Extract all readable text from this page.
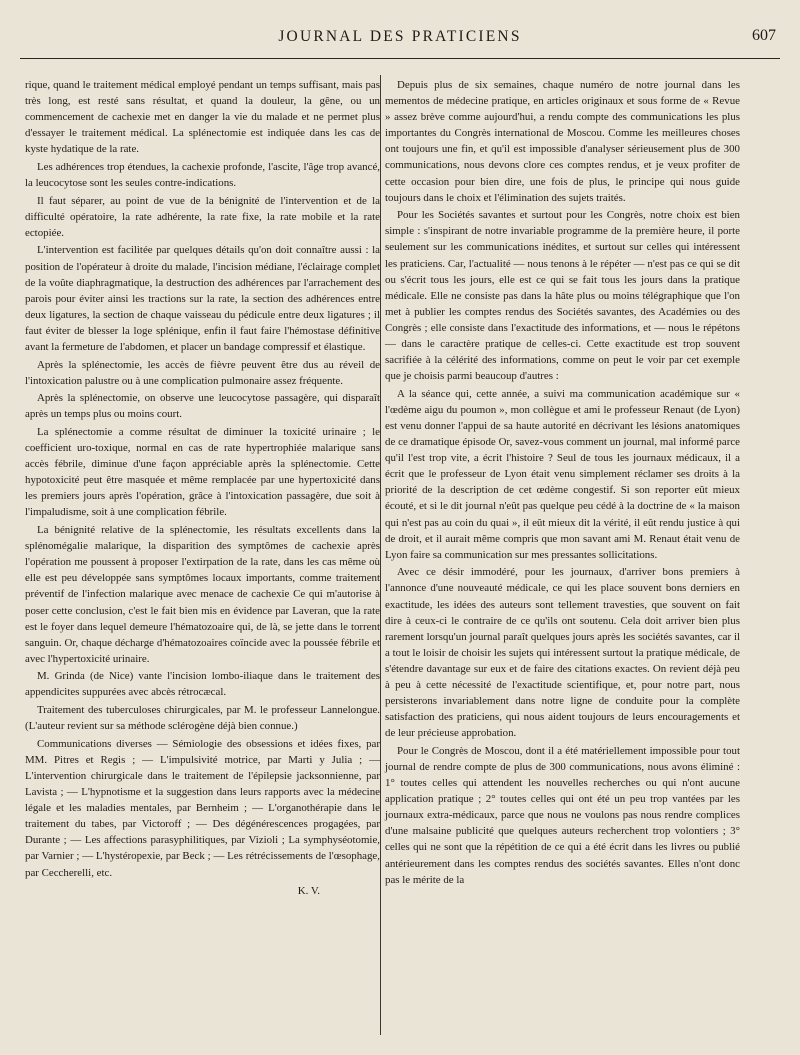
JOURNAL DES PRATICIENS	607

rique, quand le traitement médical employé pendant un temps suffisant, mais pas très long, est resté sans résultat, et quand la douleur, la gêne, ou un commencement de cachexie met en danger la vie du malade et ne permet plus d'essayer le traitement médical. La splénectomie est indiquée dans les cas de kyste hydatique de la rate.

Les adhérences trop étendues, la cachexie profonde, l'ascite, l'âge trop avancé, la leucocytose sont les seules contre-indications.

Il faut séparer, au point de vue de la bénignité de l'intervention et de la difficulté opératoire, la rate adhérente, la rate fixe, la rate mobile et la rate ectopiée.

L'intervention est facilitée par quelques détails qu'on doit connaître aussi : la position de l'opérateur à droite du malade, l'incision médiane, l'éclairage complet de la voûte diaphragmatique, la destruction des adhérences par l'arrachement des parois pour éviter ainsi les tractions sur la rate, la section des adhérences entre deux ligatures, la section de chaque vaisseau du pédicule entre deux ligatures ; il faut éviter de blesser la loge splénique, enfin il faut faire l'hémostase définitive avant la fermeture de l'abdomen, et placer un bandage compressif et élastique.

Après la splénectomie, les accès de fièvre peuvent être dus au réveil de l'intoxication palustre ou à une complication pulmonaire assez fréquente.

Après la splénectomie, on observe une leucocytose passagère, qui disparaît après un temps plus ou moins court.

La splénectomie a comme résultat de diminuer la toxicité urinaire ; le coefficient uro-toxique, normal en cas de rate hypertrophiée malarique sans accès fébrile, diminue d'une façon appréciable après la splénectomie. Cette hypotoxicité peut être masquée et même remplacée par une hypertoxicité dans les premiers jours après l'opération, grâce à l'intoxication passagère, due soit à l'impaludisme, soit à une complication fébrile.

La bénignité relative de la splénectomie, les résultats excellents dans la splénomégalie malarique, la disparition des symptômes de cachexie après l'opération me poussent à proposer l'extirpation de la rate, dans les cas même où elle est peu développée sans symptômes locaux importants, comme traitement préventif de l'infection malarique avec menace de cachexie Ce qui m'autorise à poser cette conclusion, c'est le fait bien mis en évidence par Laveran, que la rate est le foyer dans lequel demeure l'hématozoaire qui, de là, se jette dans le torrent sanguin. Or, chaque décharge d'hématozoaires coïncide avec la poussée fébrile et avec l'hypertoxicité urinaire.

M. Grinda (de Nice) vante l'incision lombo-iliaque dans le traitement des appendicites suppurées avec abcès rétrocæcal.

Traitement des tuberculoses chirurgicales, par M. le professeur Lannelongue. (L'auteur revient sur sa méthode sclérogène déjà bien connue.)

Communications diverses — Sémiologie des obsessions et idées fixes, par MM. Pitres et Regis ; — L'impulsivité motrice, par Marti y Julia ; — L'intervention chirurgicale dans le traitement de l'épilepsie jacksonnienne, par Lavista ; — L'hypnotisme et la suggestion dans leurs rapports avec la médecine légale et les maladies mentales, par Bernheim ; — L'organothérapie dans le traitement du tabes, par Victoroff ; — Des dégénérescences progagées, par Durante ; — Les affections parasyphilitiques, par Vizioli ; La symphyséotomie, par Varnier ; — L'hystéropexie, par Beck ; — Les rétrécissements de l'œsophage, par Ceccherelli, etc.

K. V.

Depuis plus de six semaines, chaque numéro de notre journal dans les mementos de médecine pratique, en articles originaux et sous forme de « Revue » assez brève comme aujourd'hui, a rendu compte des communications les plus importantes du Congrès international de Moscou. Comme les meilleures choses ont toujours une fin, et qu'il est impossible d'analyser sérieusement plus de 300 communications, nous devons clore ces comptes rendus, et je veux profiter de cette occasion pour bien dire, une fois de plus, le principe qui nous guide toujours dans le choix et l'élimination des sujets traités.

Pour les Sociétés savantes et surtout pour les Congrès, notre choix est bien simple : s'inspirant de notre invariable programme de la première heure, il porte seulement sur les communications inédites, et surtout sur celles qui intéressent les praticiens. Car, l'actualité — nous tenons à le répéter — n'est pas ce qui se dit ou s'écrit tous les jours, elle est ce qui se fait tous les jours dans la pratique médicale. Elle ne consiste pas dans la hâte plus ou moins télégraphique que l'on met à publier les comptes rendus des Sociétés savantes, des Académies ou des Congrès ; elle consiste dans l'exactitude des informations, et — nous le répétons — dans le caractère pratique de celles-ci. Cette exactitude est trop souvent sacrifiée à la célérité des informations, comme on peut le voir par cet exemple que je choisis parmi beaucoup d'autres :

A la séance qui, cette année, a suivi ma communication académique sur « l'œdème aigu du poumon », mon collègue et ami le professeur Renaut (de Lyon) est venu donner l'appui de sa haute autorité en décrivant les lésions anatomiques de ce dramatique épisode Or, savez-vous comment un journal, mal informé parce qu'il l'est trop vite, a écrit l'histoire ? Seul de tous les journaux médicaux, il a écrit que le professeur de Lyon était venu simplement réclamer ses droits à la priorité de la description de cet œdème congestif. Si son reporter eût mieux écouté, et si le dit journal n'eût pas quelque peu cédé à la doctrine de « la maison qui n'est pas au coin du quai », il eût mieux dit la vérité, il eût rendu justice à qui de droit, et il aurait même compris que mon savant ami M. Renaut était venu de Lyon faire sa communication sur mes pressantes sollicitations.

Avec ce désir immodéré, pour les journaux, d'arriver bons premiers à l'annonce d'une nouveauté médicale, ce qui les place souvent bons derniers en exactitude, les idées des auteurs sont tellement travesties, que souvent on fait dire à ceux-ci le contraire de ce qu'ils ont soutenu. Cela doit arriver bien plus rarement lorsqu'un journal paraît quelques jours après les sociétés savantes, car il a tout le loisir de choisir les sujets qui intéressent surtout la pratique médicale, de s'étendre davantage sur eux et de faire des citations exactes. On revient déjà peu à peu à cette nécessité de l'exactitude scientifique, et, pour notre part, nous persisterons invariablement dans notre ligne de conduite pour la complète satisfaction des praticiens, qui nous aident toujours de leurs encouragements et de leur précieuse approbation.

Pour le Congrès de Moscou, dont il a été matériellement impossible pour tout journal de rendre compte de plus de 300 communications, nous avons éliminé : 1° toutes celles qui attendent les nouvelles recherches ou qui n'ont aucune application pratique ; 2° toutes celles qui ont été un peu trop vantées par les journaux extra-médicaux, parce que nous ne voulons pas nous rendre complices d'une malsaine publicité que quelques auteurs recherchent trop volontiers ; 3° celles qui ne sont que la répétition de ce qui a été écrit dans les livres ou publié antérieurement dans les comptes rendus des sociétés savantes. Elles n'ont donc pas le mérite de la
